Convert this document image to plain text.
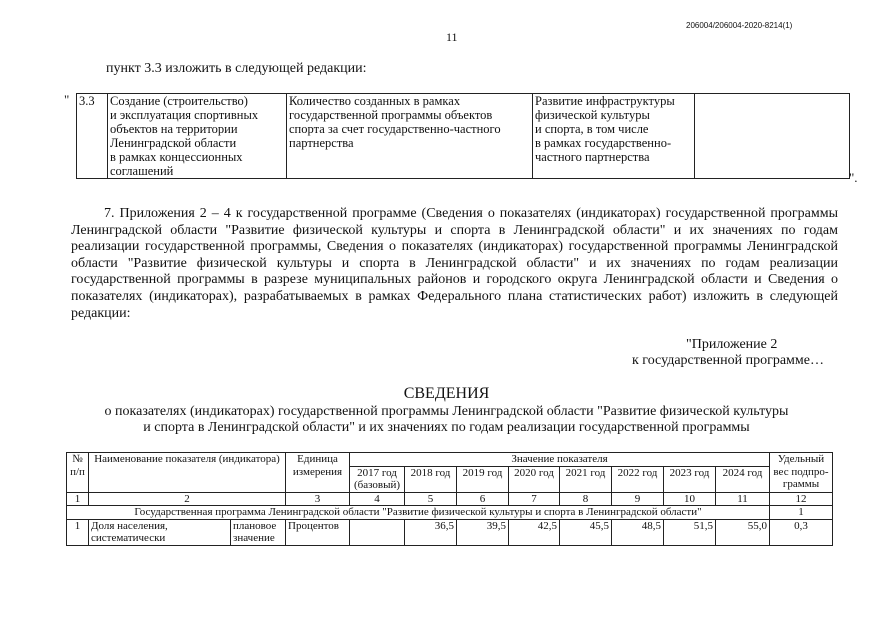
11
206004/206004-2020-8214(1)
пункт 3.3 изложить в следующей редакции:
" 3.3	Создание (строительство)
и эксплуатация спортивных
объектов на территории
Ленинградской области
в рамках концессионных
соглашений

Количество созданных в рамках
государственной программы объектов
спорта за счет государственно-частного
партнерства

Развитие инфраструктуры
физической культуры
и спорта, в том числе
в рамках государственно-
частного партнерства

".
7. Приложения 2 – 4 к государственной программе (Сведения о показателях (индикаторах) государственной программы Ленинградской области "Развитие физической культуры и спорта в Ленинградской области" и их значениях по годам реализации государственной программы, Сведения о показателях (индикаторах) государственной программы Ленинградской области "Развитие физической культуры и спорта в Ленинградской области" и их значениях по годам реализации государственной программы в разрезе муниципальных районов и городского округа Ленинградской области и Сведения о показателях (индикаторах), разрабатываемых в рамках Федерального плана статистических работ) изложить в следующей редакции:
"Приложение 2
к государственной программе…
СВЕДЕНИЯ
о показателях (индикаторах) государственной программы Ленинградской области "Развитие физической культуры
и спорта в Ленинградской области" и их значениях по годам реализации государственной программы
№ п/п	Наименование показателя (индикатора)		Единица измерения	Значение показателя								Удельный вес подпро-граммы
				2017 год (базовый)	2018 год	2019 год	2020 год	2021 год	2022 год	2023 год	2024 год	
1	2		3	4	5	6	7	8	9	10	11	12
Государственная программа Ленинградской области "Развитие физической культуры и спорта в Ленинградской области"												1
1	Доля населения, систематически	плановое значение	Процентов		36,5	39,5	42,5	45,5	48,5	51,5	55,0	0,3
